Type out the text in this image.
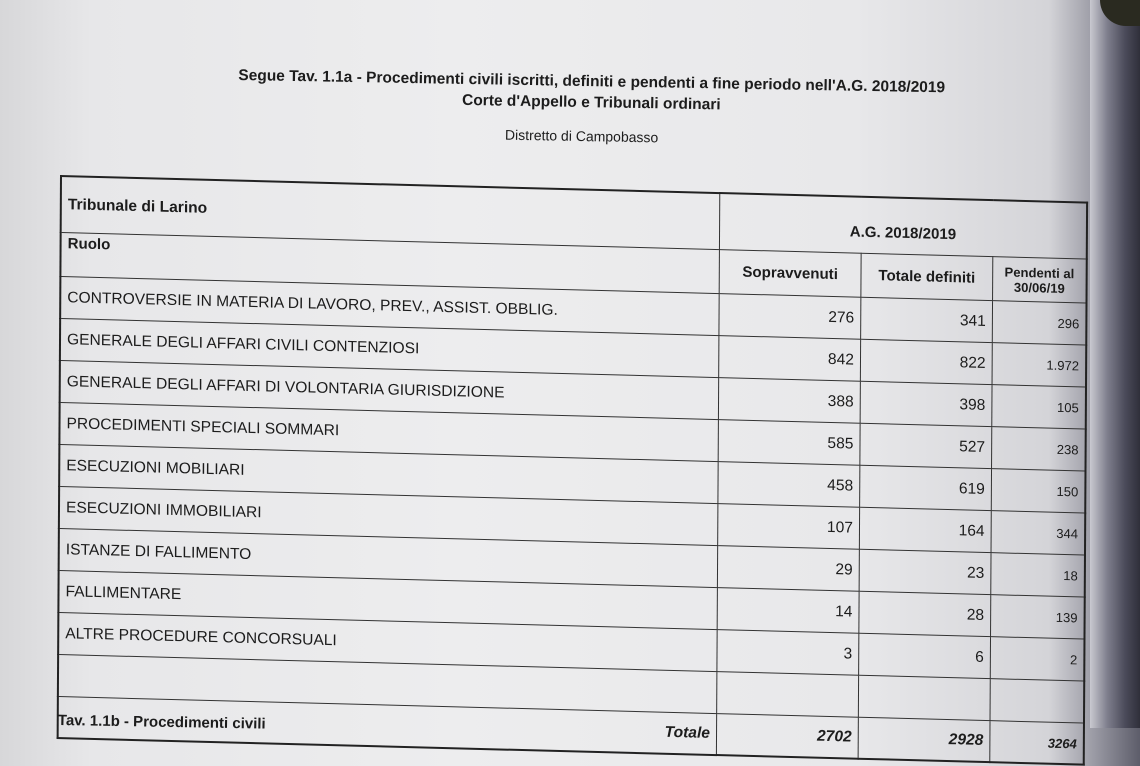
Segue Tav. 1.1a - Procedimenti civili iscritti, definiti e pendenti a fine periodo nell'A.G. 2018/2019
Corte d'Appello e Tribunali ordinari
Distretto di Campobasso
Tribunale di Larino	A.G. 2018/2019		
Ruolo	Sopravvenuti	Totale definiti	Pendenti al 30/06/19
CONTROVERSIE IN MATERIA DI LAVORO, PREV., ASSIST. OBBLIG.	276	341	296
GENERALE DEGLI AFFARI CIVILI CONTENZIOSI	842	822	1.972
GENERALE DEGLI AFFARI DI VOLONTARIA GIURISDIZIONE	388	398	105
PROCEDIMENTI SPECIALI SOMMARI	585	527	238
ESECUZIONI MOBILIARI	458	619	150
ESECUZIONI IMMOBILIARI	107	164	344
ISTANZE DI FALLIMENTO	29	23	18
FALLIMENTARE	14	28	139
ALTRE PROCEDURE CONCORSUALI	3	6	2

Totale	2702	2928	3264
Tav. 1.1b - Procedimenti civili
